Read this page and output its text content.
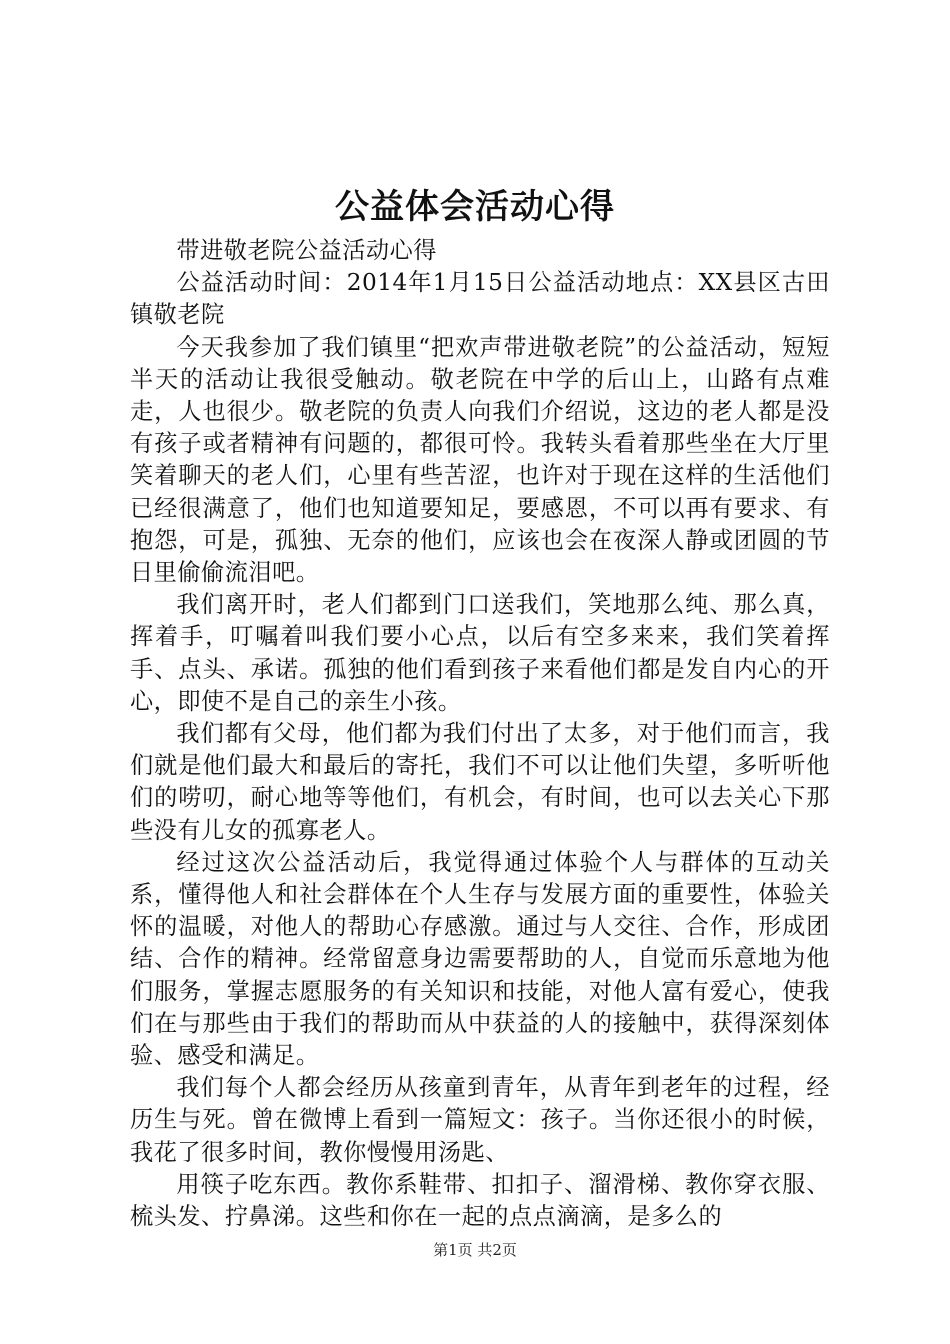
公益体会活动心得

带进敬老院公益活动心得

公益活动时间：2014年1月15日公益活动地点：XX县区古田镇敬老院

今天我参加了我们镇里“把欢声带进敬老院”的公益活动，短短半天的活动让我很受触动。敬老院在中学的后山上，山路有点难走，人也很少。敬老院的负责人向我们介绍说，这边的老人都是没有孩子或者精神有问题的，都很可怜。我转头看着那些坐在大厅里笑着聊天的老人们，心里有些苦涩，也许对于现在这样的生活他们已经很满意了，他们也知道要知足，要感恩，不可以再有要求、有抱怨，可是，孤独、无奈的他们，应该也会在夜深人静或团圆的节日里偷偷流泪吧。

我们离开时，老人们都到门口送我们，笑地那么纯、那么真，挥着手，叮嘱着叫我们要小心点，以后有空多来来，我们笑着挥手、点头、承诺。孤独的他们看到孩子来看他们都是发自内心的开心，即使不是自己的亲生小孩。

我们都有父母，他们都为我们付出了太多，对于他们而言，我们就是他们最大和最后的寄托，我们不可以让他们失望，多听听他们的唠叨，耐心地等等他们，有机会，有时间，也可以去关心下那些没有儿女的孤寡老人。

经过这次公益活动后，我觉得通过体验个人与群体的互动关系，懂得他人和社会群体在个人生存与发展方面的重要性，体验关怀的温暖，对他人的帮助心存感激。通过与人交往、合作，形成团结、合作的精神。经常留意身边需要帮助的人，自觉而乐意地为他们服务，掌握志愿服务的有关知识和技能，对他人富有爱心，使我们在与那些由于我们的帮助而从中获益的人的接触中，获得深刻体验、感受和满足。

我们每个人都会经历从孩童到青年，从青年到老年的过程，经历生与死。曾在微博上看到一篇短文：孩子。当你还很小的时候，我花了很多时间，教你慢慢用汤匙、

用筷子吃东西。教你系鞋带、扣扣子、溜滑梯、教你穿衣服、梳头发、拧鼻涕。这些和你在一起的点点滴滴，是多么的

第1页 共2页
